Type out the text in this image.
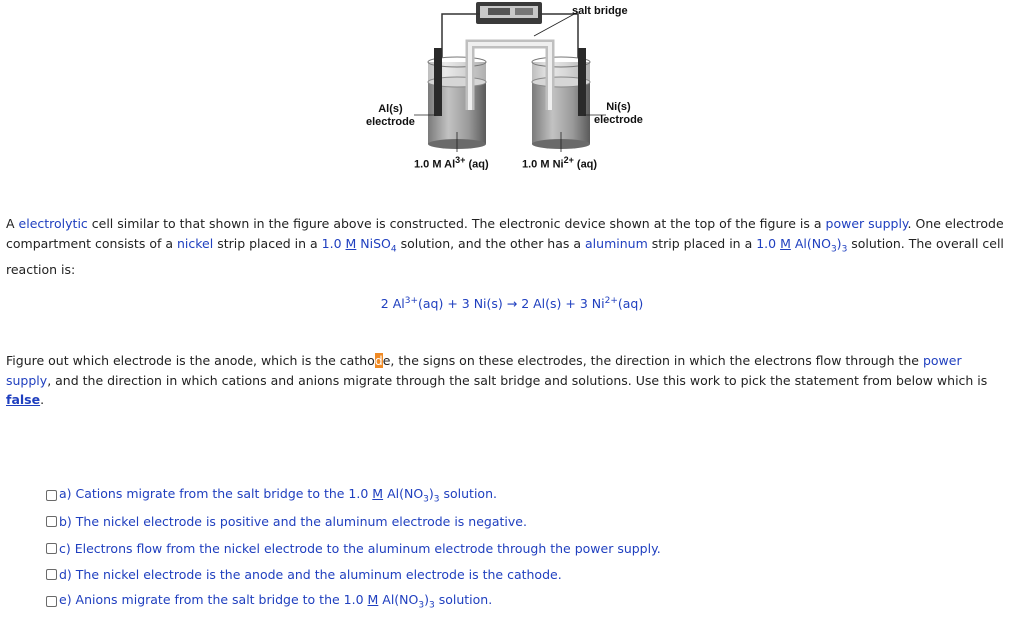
salt bridge
Al(s)
electrode
Ni(s)
electrode
1.0 M $Al^{3+}$ (aq)	1.0 M $Ni^{2+}$ (aq)
A electrolytic cell similar to that shown in the figure above is constructed. The electronic device shown at the top of the figure is a power supply. One electrode compartment consists of a nickel strip placed in a 1.0 M NiSO$_4$ solution, and the other has a aluminum strip placed in a 1.0 M $Al(NO_3)_3$ solution. The overall cell reaction is:
2 $Al^{3+}(aq) + 3$ Ni(s) → 2 Al(s) + 3 $Ni^{2+}(aq)$
Figure out which electrode is the anode, which is the cathode, the signs on these electrodes, the direction in which the electrons flow through the power supply, and the direction in which cations and anions migrate through the salt bridge and solutions. Use this work to pick the statement from below which is false.
a) Cations migrate from the salt bridge to the 1.0 M $Al(NO_3)_3$ solution.
b) The nickel electrode is positive and the aluminum electrode is negative.
c) Electrons flow from the nickel electrode to the aluminum electrode through the power supply.
d) The nickel electrode is the anode and the aluminum electrode is the cathode.
e) Anions migrate from the salt bridge to the 1.0 M $Al(NO_3)_3$ solution.
